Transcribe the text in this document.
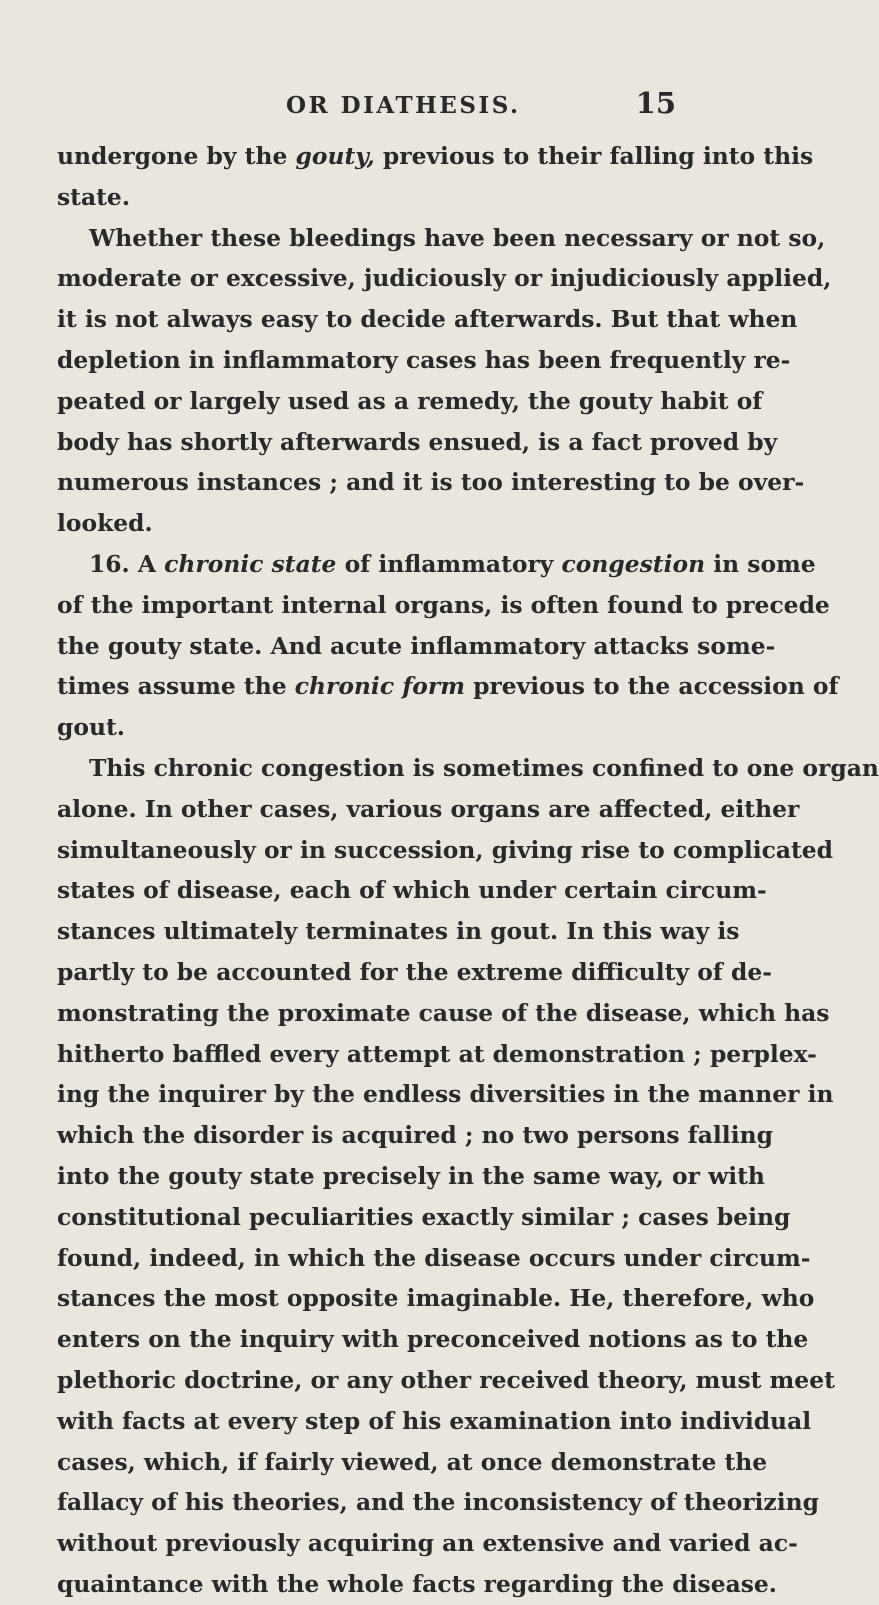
OR DIATHESIS.	15

undergone by the gouty, previous to their falling into this
state.

Whether these bleedings have been necessary or not so,
moderate or excessive, judiciously or injudiciously applied,
it is not always easy to decide afterwards. But that when
depletion in inflammatory cases has been frequently re-
peated or largely used as a remedy, the gouty habit of
body has shortly afterwards ensued, is a fact proved by
numerous instances ; and it is too interesting to be over-
looked.

16. A chronic state of inflammatory congestion in some
of the important internal organs, is often found to precede
the gouty state. And acute inflammatory attacks some-
times assume the chronic form previous to the accession of
gout.

This chronic congestion is sometimes confined to one organ
alone. In other cases, various organs are affected, either
simultaneously or in succession, giving rise to complicated
states of disease, each of which under certain circum-
stances ultimately terminates in gout. In this way is
partly to be accounted for the extreme difficulty of de-
monstrating the proximate cause of the disease, which has
hitherto baffled every attempt at demonstration ; perplex-
ing the inquirer by the endless diversities in the manner in
which the disorder is acquired ; no two persons falling
into the gouty state precisely in the same way, or with
constitutional peculiarities exactly similar ; cases being
found, indeed, in which the disease occurs under circum-
stances the most opposite imaginable. He, therefore, who
enters on the inquiry with preconceived notions as to the
plethoric doctrine, or any other received theory, must meet
with facts at every step of his examination into individual
cases, which, if fairly viewed, at once demonstrate the
fallacy of his theories, and the inconsistency of theorizing
without previously acquiring an extensive and varied ac-
quaintance with the whole facts regarding the disease.
